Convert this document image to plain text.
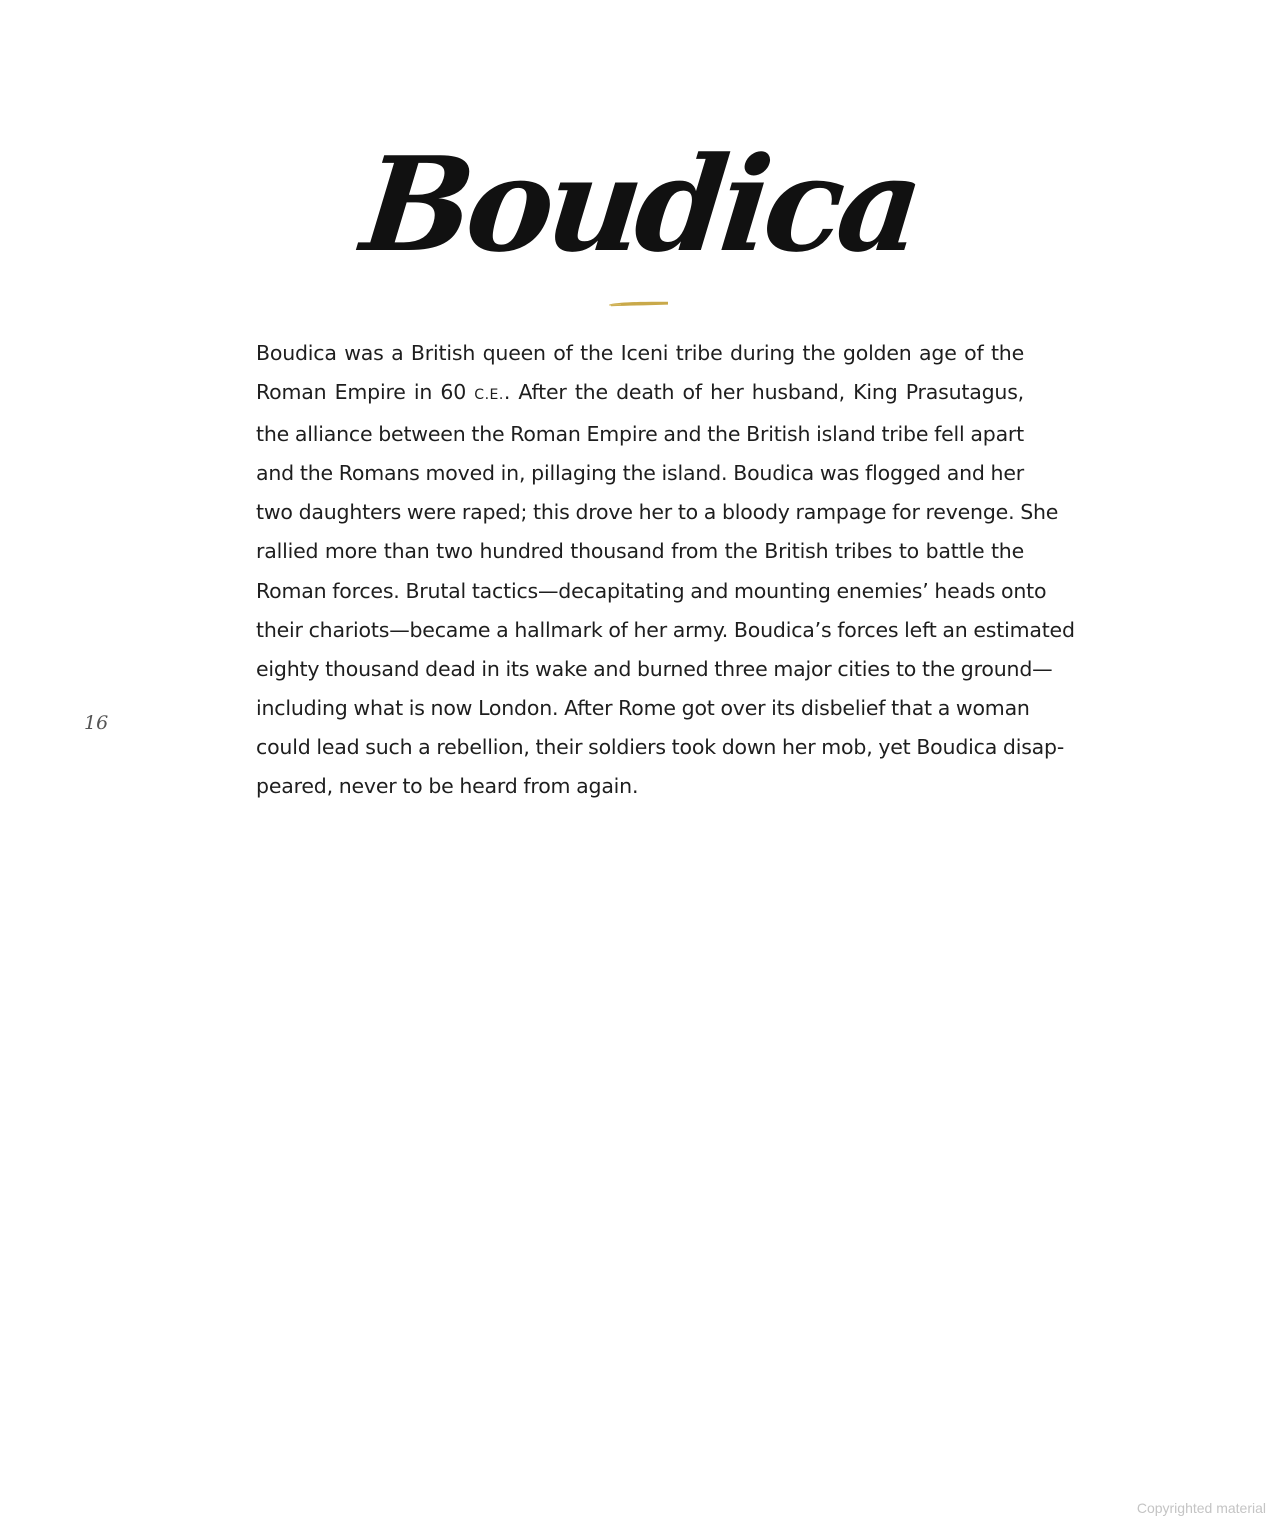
Boudica
Boudica was a British queen of the Iceni tribe during the golden age of the
Roman Empire in 60 C.E.. After the death of her husband, King Prasutagus,
the alliance between the Roman Empire and the British island tribe fell apart
and the Romans moved in, pillaging the island. Boudica was flogged and her
two daughters were raped; this drove her to a bloody rampage for revenge. She
rallied more than two hundred thousand from the British tribes to battle the
Roman forces. Brutal tactics—decapitating and mounting enemies’ heads onto
their chariots—became a hallmark of her army. Boudica’s forces left an estimated
eighty thousand dead in its wake and burned three major cities to the ground—
including what is now London. After Rome got over its disbelief that a woman
could lead such a rebellion, their soldiers took down her mob, yet Boudica disap-
peared, never to be heard from again.
16
Copyrighted material
